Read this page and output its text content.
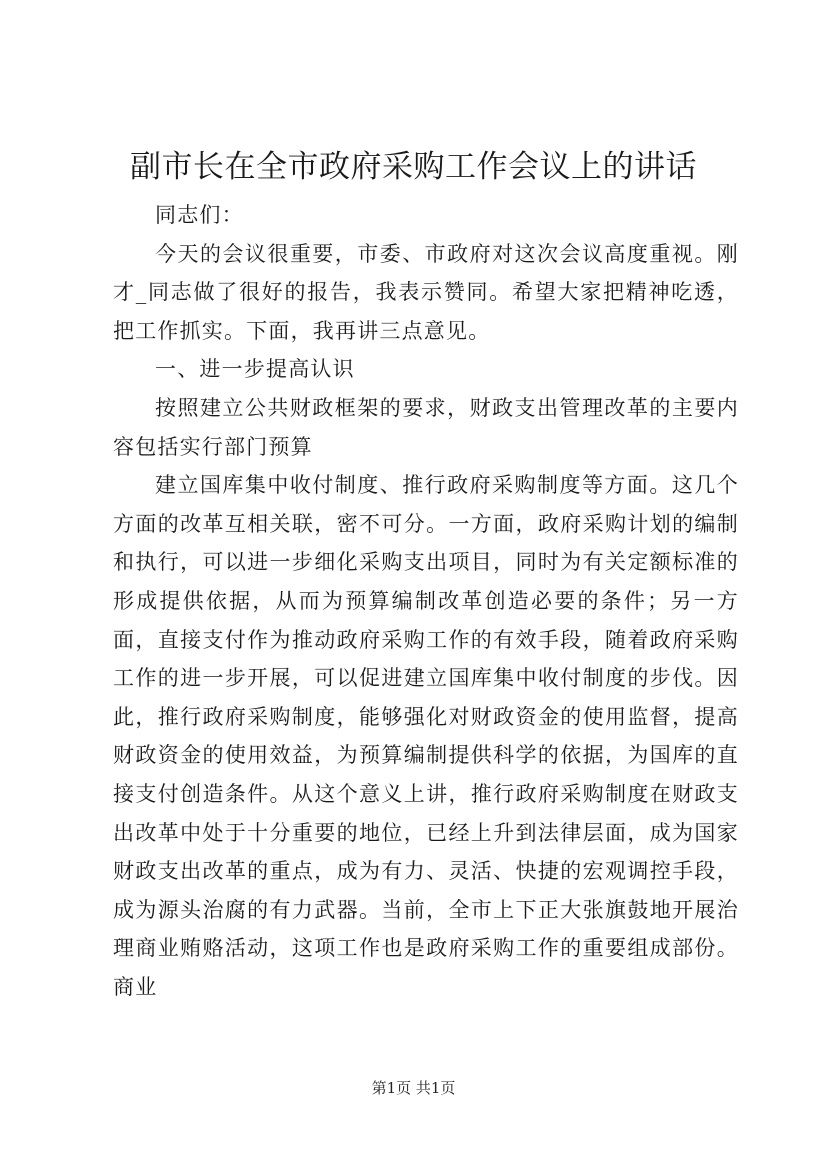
副市长在全市政府采购工作会议上的讲话

同志们：

今天的会议很重要，市委、市政府对这次会议高度重视。刚才_同志做了很好的报告，我表示赞同。希望大家把精神吃透，把工作抓实。下面，我再讲三点意见。

一、进一步提高认识

按照建立公共财政框架的要求，财政支出管理改革的主要内容包括实行部门预算

建立国库集中收付制度、推行政府采购制度等方面。这几个方面的改革互相关联，密不可分。一方面，政府采购计划的编制和执行，可以进一步细化采购支出项目，同时为有关定额标准的形成提供依据，从而为预算编制改革创造必要的条件；另一方面，直接支付作为推动政府采购工作的有效手段，随着政府采购工作的进一步开展，可以促进建立国库集中收付制度的步伐。因此，推行政府采购制度，能够强化对财政资金的使用监督，提高财政资金的使用效益，为预算编制提供科学的依据，为国库的直接支付创造条件。从这个意义上讲，推行政府采购制度在财政支出改革中处于十分重要的地位，已经上升到法律层面，成为国家财政支出改革的重点，成为有力、灵活、快捷的宏观调控手段，成为源头治腐的有力武器。当前，全市上下正大张旗鼓地开展治理商业贿赂活动，这项工作也是政府采购工作的重要组成部份。商业

第1页 共1页
